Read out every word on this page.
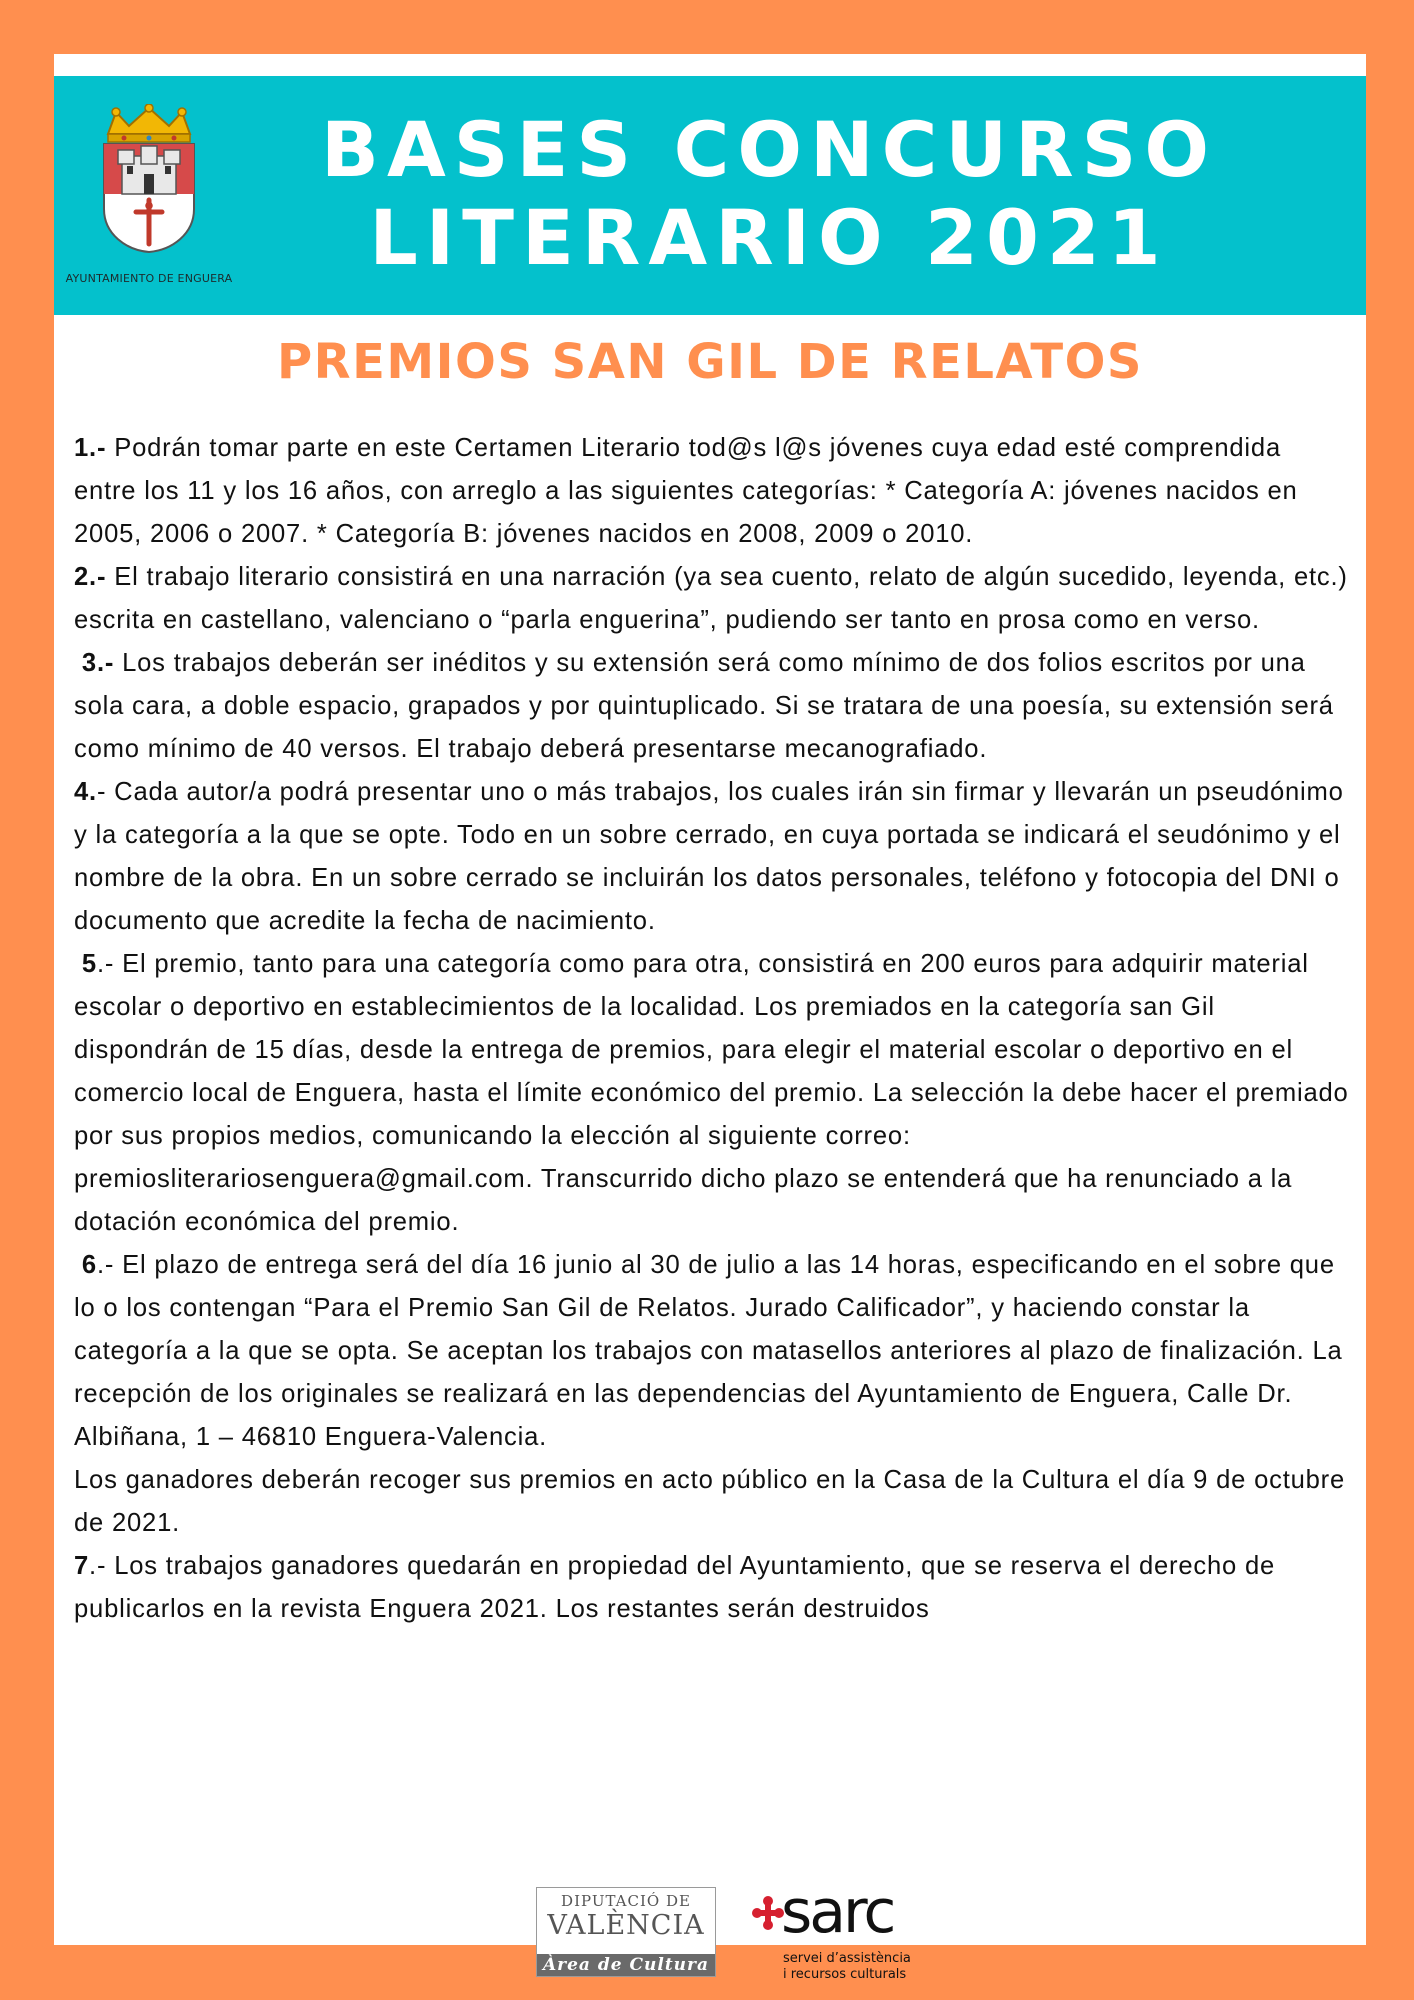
AYUNTAMIENTO DE ENGUERA
BASES CONCURSO
LITERARIO 2021
PREMIOS SAN GIL DE RELATOS

1.- Podrán tomar parte en este Certamen Literario tod@s l@s jóvenes cuya edad esté comprendida entre los 11 y los 16 años, con arreglo a las siguientes categorías: * Categoría A: jóvenes nacidos en 2005, 2006 o 2007. * Categoría B: jóvenes nacidos en 2008, 2009 o 2010.

2.- El trabajo literario consistirá en una narración (ya sea cuento, relato de algún sucedido, leyenda, etc.) escrita en castellano, valenciano o “parla enguerina”, pudiendo ser tanto en prosa como en verso.

3.- Los trabajos deberán ser inéditos y su extensión será como mínimo de dos folios escritos por una sola cara, a doble espacio, grapados y por quintuplicado. Si se tratara de una poesía, su extensión será como mínimo de 40 versos. El trabajo deberá presentarse mecanografiado.

4.- Cada autor/a podrá presentar uno o más trabajos, los cuales irán sin firmar y llevarán un pseudónimo y la categoría a la que se opte. Todo en un sobre cerrado, en cuya portada se indicará el seudónimo y el nombre de la obra. En un sobre cerrado se incluirán los datos personales, teléfono y fotocopia del DNI o documento que acredite la fecha de nacimiento.

5.- El premio, tanto para una categoría como para otra, consistirá en 200 euros para adquirir material escolar o deportivo en establecimientos de la localidad. Los premiados en la categoría san Gil dispondrán de 15 días, desde la entrega de premios, para elegir el material escolar o deportivo en el comercio local de Enguera, hasta el límite económico del premio. La selección la debe hacer el premiado por sus propios medios, comunicando la elección al siguiente correo: premiosliterariosenguera@gmail.com. Transcurrido dicho plazo se entenderá que ha renunciado a la dotación económica del premio.

6.- El plazo de entrega será del día 16 junio al 30 de julio a las 14 horas, especificando en el sobre que lo o los contengan “Para el Premio San Gil de Relatos. Jurado Calificador”, y haciendo constar la categoría a la que se opta. Se aceptan los trabajos con matasellos anteriores al plazo de finalización. La recepción de los originales se realizará en las dependencias del Ayuntamiento de Enguera, Calle Dr. Albiñana, 1 – 46810 Enguera-Valencia.

Los ganadores deberán recoger sus premios en acto público en la Casa de la Cultura el día 9 de octubre de 2021.

7.- Los trabajos ganadores quedarán en propiedad del Ayuntamiento, que se reserva el derecho de publicarlos en la revista Enguera 2021. Los restantes serán destruidos

DIPUTACIÓ DE
VALÈNCIA
Àrea de Cultura
sarc
servei d’assistència
i recursos culturals
